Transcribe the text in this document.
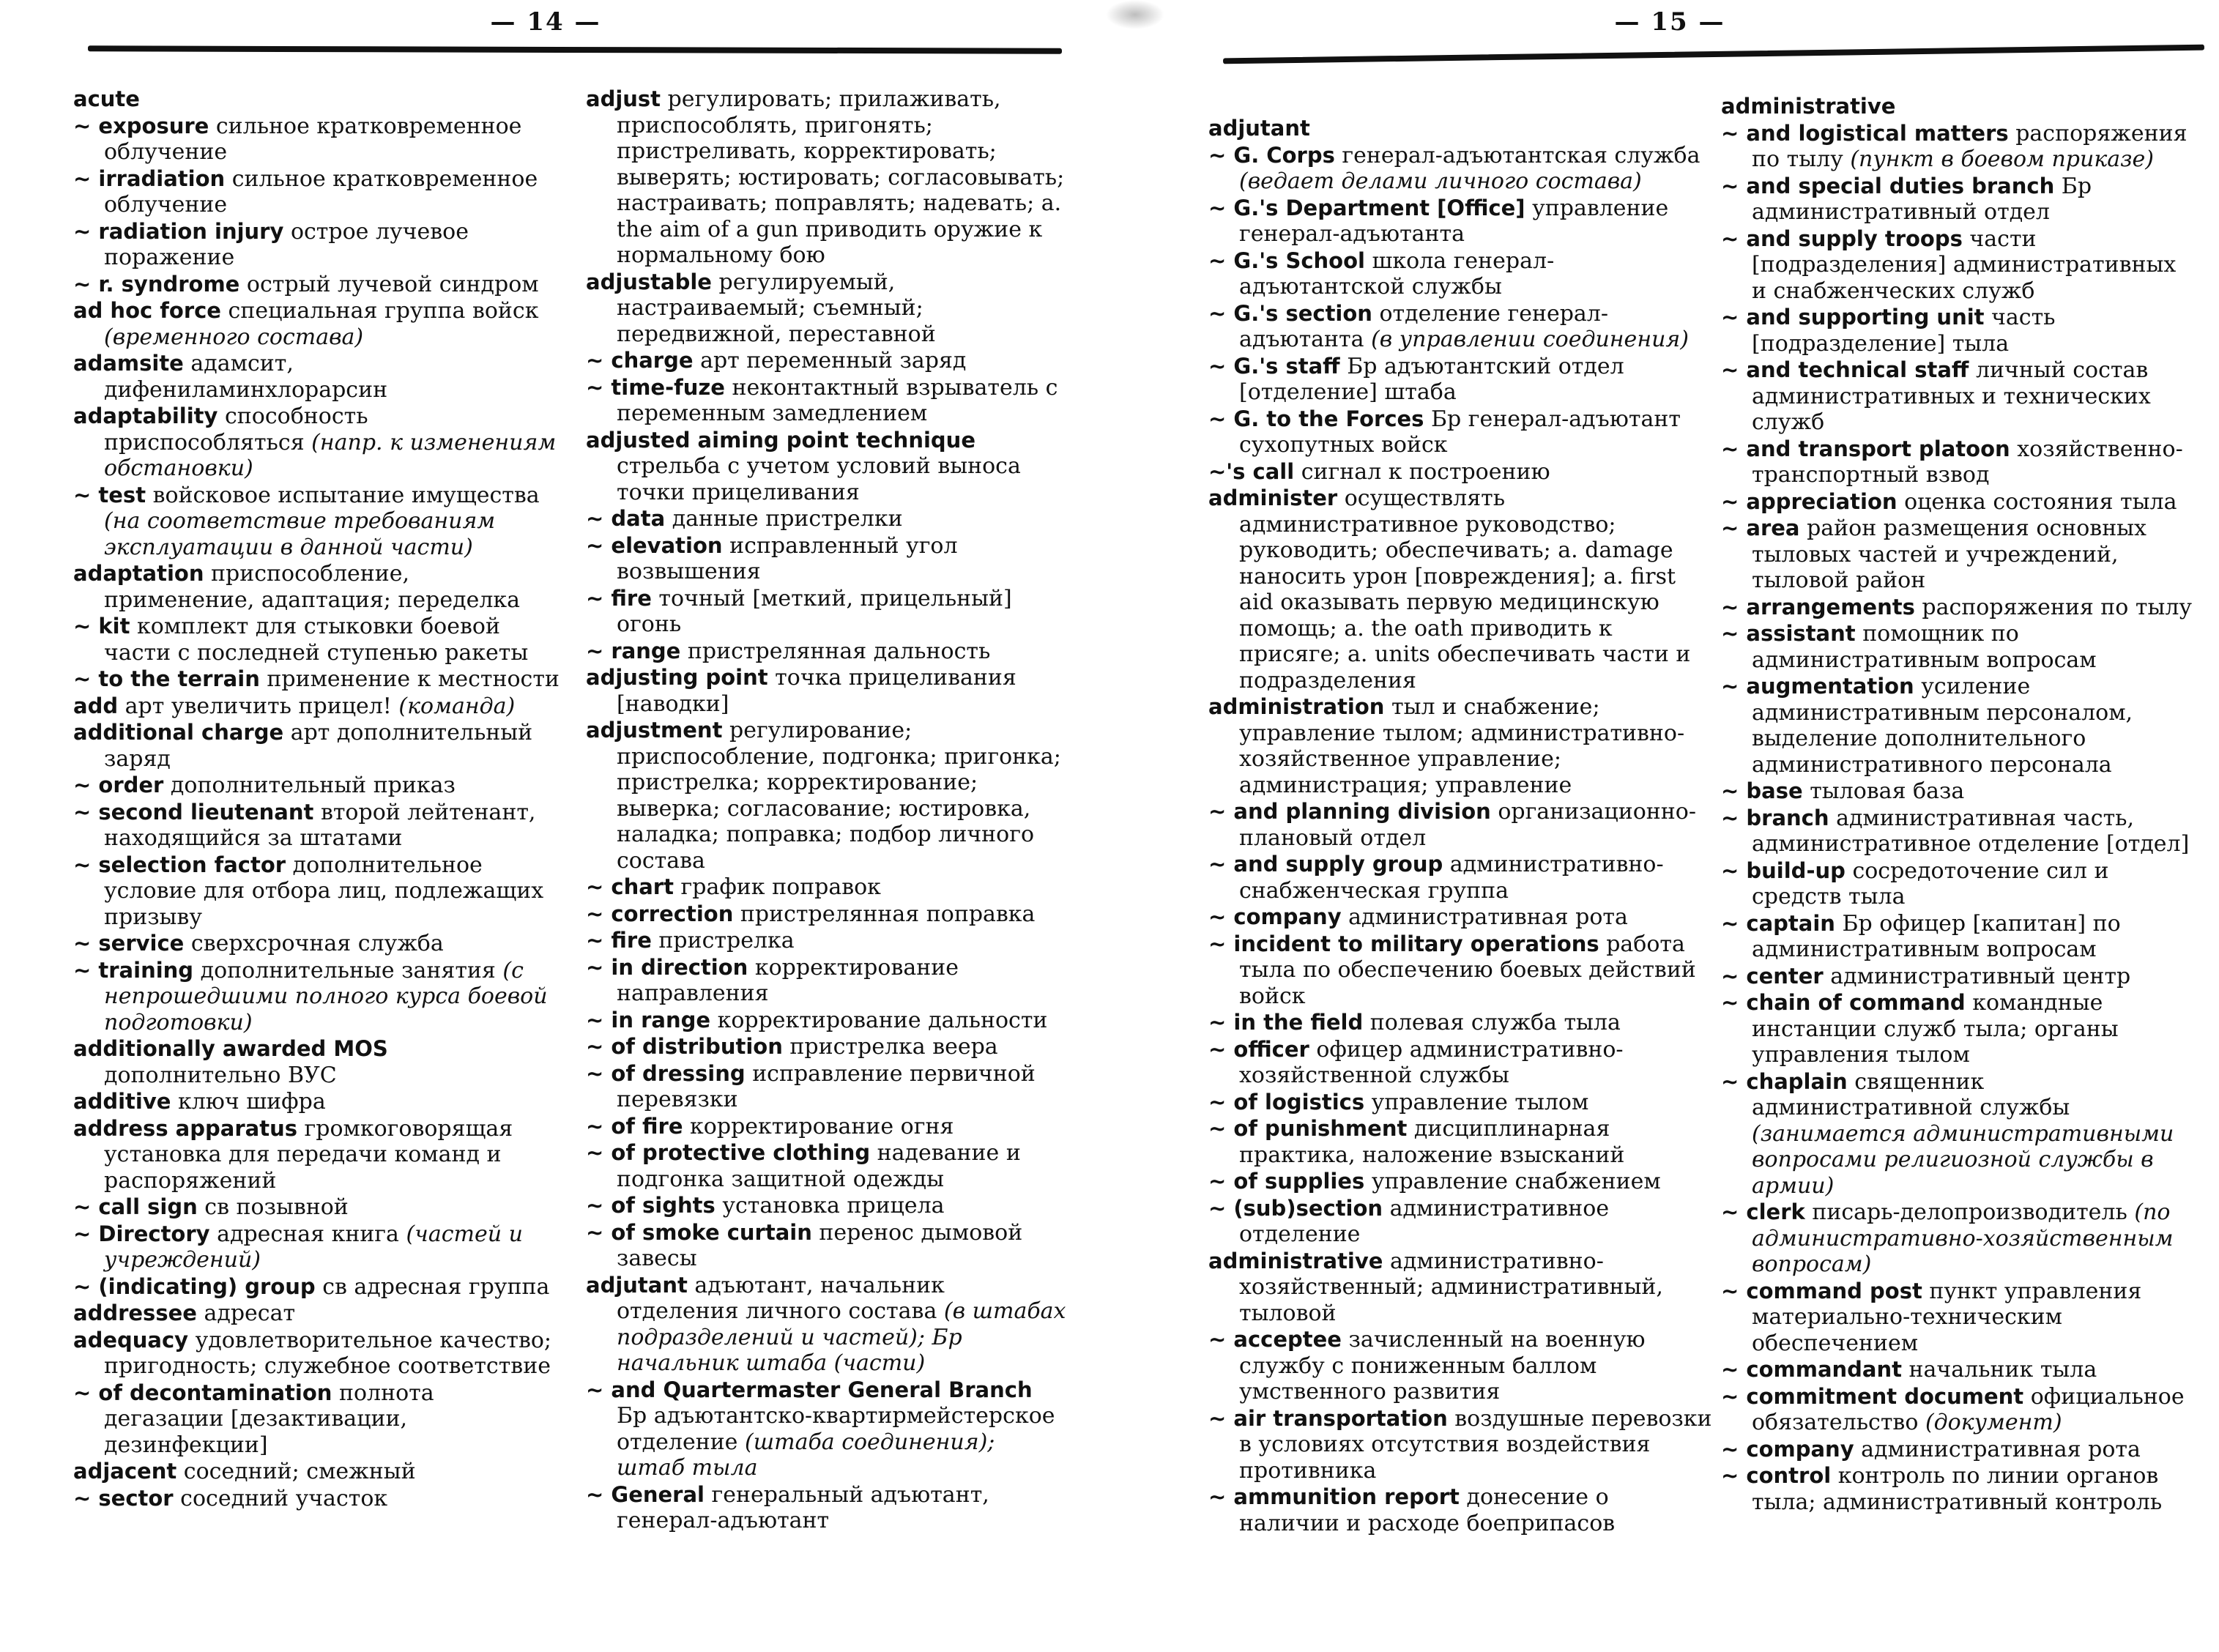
— 14 —
acute
~ exposure сильное кратковременное облучение
~ irradiation сильное кратковременное облучение
~ radiation injury острое лучевое поражение
~ r. syndrome острый лучевой синдром
ad hoc force специальная группа войск (временного состава)
adamsite адамсит, дифениламинхлорарсин
adaptability способность приспособляться (напр. к изменениям обстановки)
~ test войсковое испытание имущества (на соответствие требованиям эксплуатации в данной части)
adaptation приспособление, применение, адаптация; переделка
~ kit комплект для стыковки боевой части с последней ступенью ракеты
~ to the terrain применение к местности
add арт увеличить прицел! (команда)
additional charge арт дополнительный заряд
~ order дополнительный приказ
~ second lieutenant второй лейтенант, находящийся за штатами
~ selection factor дополнительное условие для отбора лиц, подлежащих призыву
~ service сверхсрочная служба
~ training дополнительные занятия (с непрошедшими полного курса боевой подготовки)
additionally awarded MOS дополнительно ВУС
additive ключ шифра
address apparatus громкоговорящая установка для передачи команд и распоряжений
~ call sign св позывной
~ Directory адресная книга (частей и учреждений)
~ (indicating) group св адресная группа
addressee адресат
adequacy удовлетворительное качество; пригодность; служебное соответствие
~ of decontamination полнота дегазации [дезактивации, дезинфекции]
adjacent соседний; смежный
~ sector соседний участок
adjust регулировать; прилаживать, приспособлять, пригонять; пристреливать, корректировать; выверять; юстировать; согласовывать; настраивать; поправлять; надевать; a. the aim of a gun приводить оружие к нормальному бою
adjustable регулируемый, настраиваемый; съемный; передвижной, переставной
~ charge арт переменный заряд
~ time-fuze неконтактный взрыватель с переменным замедлением
adjusted aiming point technique стрельба с учетом условий выноса точки прицеливания
~ data данные пристрелки
~ elevation исправленный угол возвышения
~ fire точный [меткий, прицельный] огонь
~ range пристрелянная дальность
adjusting point точка прицеливания [наводки]
adjustment регулирование; приспособление, подгонка; пригонка; пристрелка; корректирование; выверка; согласование; юстировка, наладка; поправка; подбор личного состава
~ chart график поправок
~ correction пристрелянная поправка
~ fire пристрелка
~ in direction корректирование направления
~ in range корректирование дальности
~ of distribution пристрелка веера
~ of dressing исправление первичной перевязки
~ of fire корректирование огня
~ of protective clothing надевание и подгонка защитной одежды
~ of sights установка прицела
~ of smoke curtain перенос дымовой завесы
adjutant адъютант, начальник отделения личного состава (в штабах подразделений и частей); Бр начальник штаба (части)
~ and Quartermaster General Branch Бр адъютантско-квартирмейстерское отделение (штаба соединения); штаб тыла
~ General генеральный адъютант, генерал-адъютант
— 15 —
adjutant
~ G. Corps генерал-адъютантская служба (ведает делами личного состава)
~ G.'s Department [Office] управление генерал-адъютанта
~ G.'s School школа генерал-адъютантской службы
~ G.'s section отделение генерал-адъютанта (в управлении соединения)
~ G.'s staff Бр адъютантский отдел [отделение] штаба
~ G. to the Forces Бр генерал-адъютант сухопутных войск
~'s call сигнал к построению
administer осуществлять административное руководство; руководить; обеспечивать; a. damage наносить урон [повреждения]; a. first aid оказывать первую медицинскую помощь; a. the oath приводить к присяге; a. units обеспечивать части и подразделения
administration тыл и снабжение; управление тылом; административно-хозяйственное управление; администрация; управление
~ and planning division организационно-плановый отдел
~ and supply group административно-снабженческая группа
~ company административная рота
~ incident to military operations работа тыла по обеспечению боевых действий войск
~ in the field полевая служба тыла
~ officer офицер административно-хозяйственной службы
~ of logistics управление тылом
~ of punishment дисциплинарная практика, наложение взысканий
~ of supplies управление снабжением
~ (sub)section административное отделение
administrative административно-хозяйственный; административный, тыловой
~ acceptee зачисленный на военную службу с пониженным баллом умственного развития
~ air transportation воздушные перевозки в условиях отсутствия воздействия противника
~ ammunition report донесение о наличии и расходе боеприпасов
administrative
~ and logistical matters распоряжения по тылу (пункт в боевом приказе)
~ and special duties branch Бр административный отдел
~ and supply troops части [подразделения] административных и снабженческих служб
~ and supporting unit часть [подразделение] тыла
~ and technical staff личный состав административных и технических служб
~ and transport platoon хозяйственно-транспортный взвод
~ appreciation оценка состояния тыла
~ area район размещения основных тыловых частей и учреждений, тыловой район
~ arrangements распоряжения по тылу
~ assistant помощник по административным вопросам
~ augmentation усиление административным персоналом, выделение дополнительного административного персонала
~ base тыловая база
~ branch административная часть, административное отделение [отдел]
~ build-up сосредоточение сил и средств тыла
~ captain Бр офицер [капитан] по административным вопросам
~ center административный центр
~ chain of command командные инстанции служб тыла; органы управления тылом
~ chaplain священник административной службы (занимается административными вопросами религиозной службы в армии)
~ clerk писарь-делопроизводитель (по административно-хозяйственным вопросам)
~ command post пункт управления материально-техническим обеспечением
~ commandant начальник тыла
~ commitment document официальное обязательство (документ)
~ company административная рота
~ control контроль по линии органов тыла; административный контроль
